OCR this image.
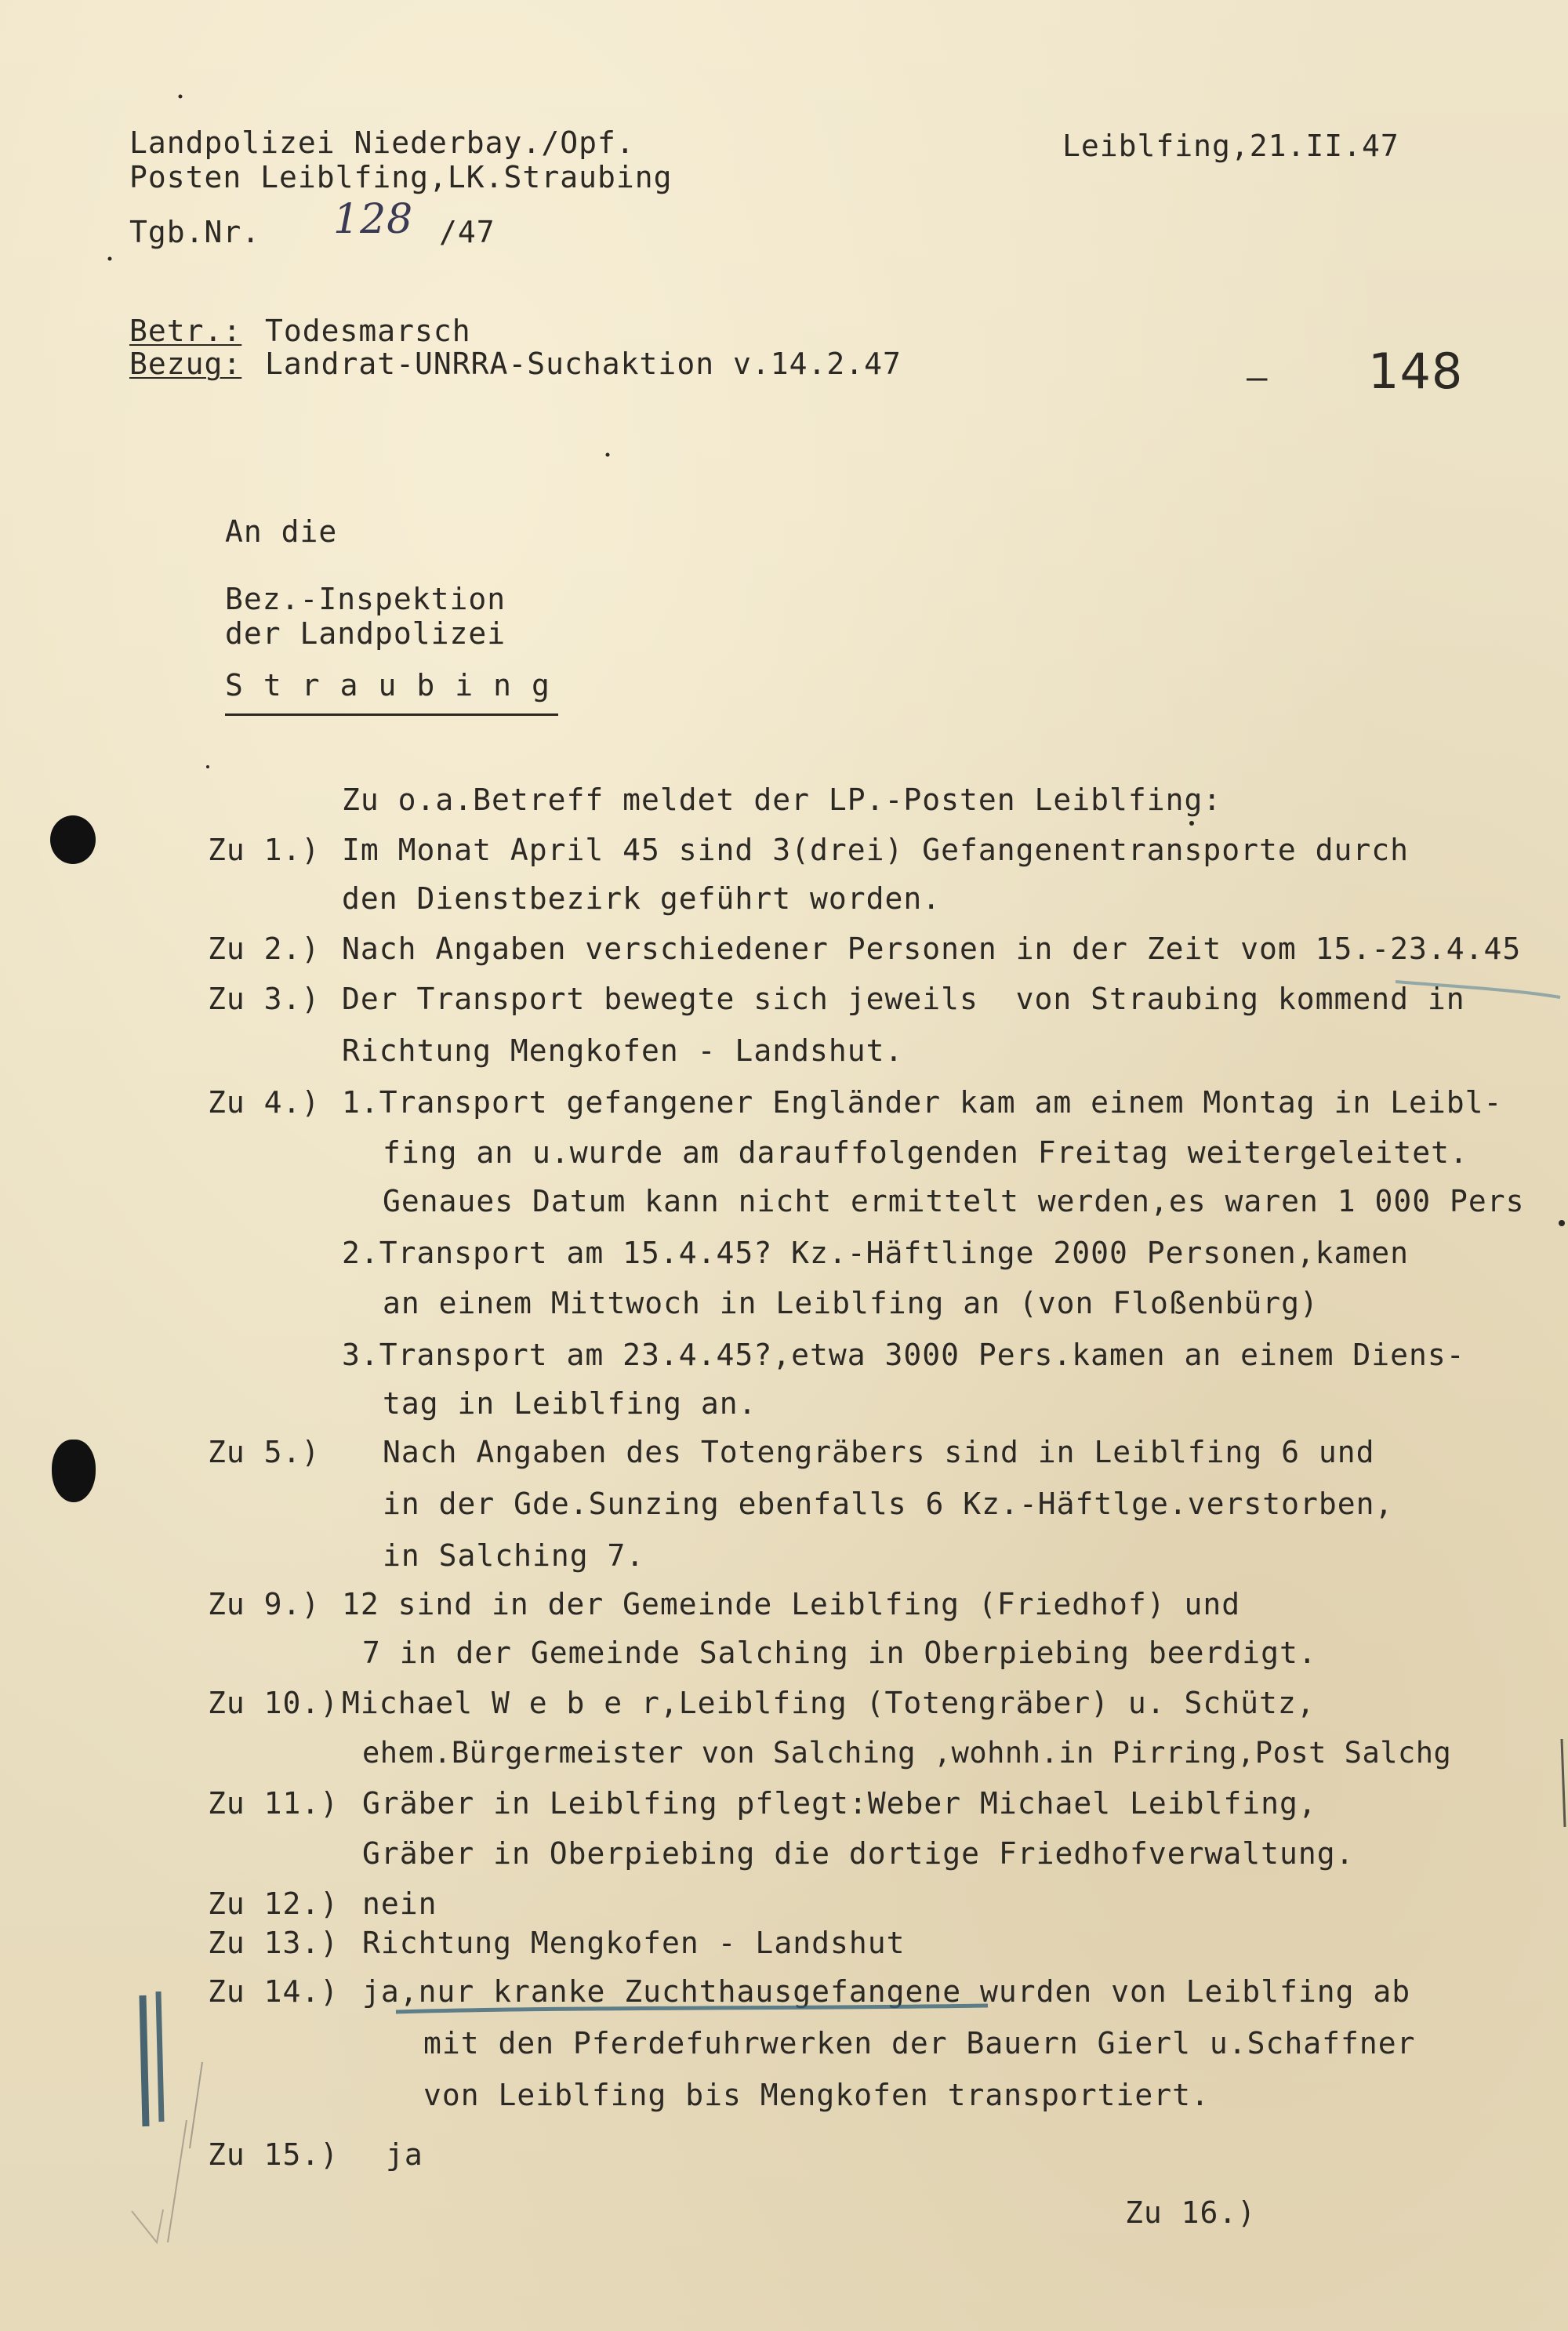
Landpolizei Niederbay./Opf.
Posten Leiblfing,LK.Straubing
Leiblfing,21.II.47
Tgb.Nr. 128 /47
Betr.: Todesmarsch
Bezug: Landrat-UNRRA-Suchaktion v.14.2.47	– 148
An die
Bez.-Inspektion
der Landpolizei
Straubing
Zu o.a.Betreff meldet der LP.-Posten Leiblfing:
Zu 1.) Im Monat April 45 sind 3(drei) Gefangenentransporte durch
den Dienstbezirk geführt worden.
Zu 2.) Nach Angaben verschiedener Personen in der Zeit vom 15.-23.4.45
Zu 3.) Der Transport bewegte sich jeweils  von Straubing kommend in
Richtung Mengkofen - Landshut.
Zu 4.) 1.Transport gefangener Engländer kam am einem Montag in Leibl-
fing an u.wurde am darauffolgenden Freitag weitergeleitet.
Genaues Datum kann nicht ermittelt werden,es waren 1 000 Pers
2.Transport am 15.4.45? Kz.-Häftlinge 2000 Personen,kamen
an einem Mittwoch in Leiblfing an (von Floßenbürg)
3.Transport am 23.4.45?,etwa 3000 Pers.kamen an einem Diens-
tag in Leiblfing an.
Zu 5.) Nach Angaben des Totengräbers sind in Leiblfing 6 und
in der Gde.Sunzing ebenfalls 6 Kz.-Häftlge.verstorben,
in Salching 7.
Zu 9.) 12 sind in der Gemeinde Leiblfing (Friedhof) und
7 in der Gemeinde Salching in Oberpiebing beerdigt.
Zu 10.) Michael W e b e r,Leiblfing (Totengräber) u. Schütz,
ehem.Bürgermeister von Salching ,wohnh.in Pirring,Post Salchg
Zu 11.) Gräber in Leiblfing pflegt:Weber Michael Leiblfing,
Gräber in Oberpiebing die dortige Friedhofverwaltung.
Zu 12.) nein
Zu 13.) Richtung Mengkofen - Landshut
Zu 14.) ja,nur kranke Zuchthausgefangene wurden von Leiblfing ab
mit den Pferdefuhrwerken der Bauern Gierl u.Schaffner
von Leiblfing bis Mengkofen transportiert.
Zu 15.) ja
Zu 16.)
